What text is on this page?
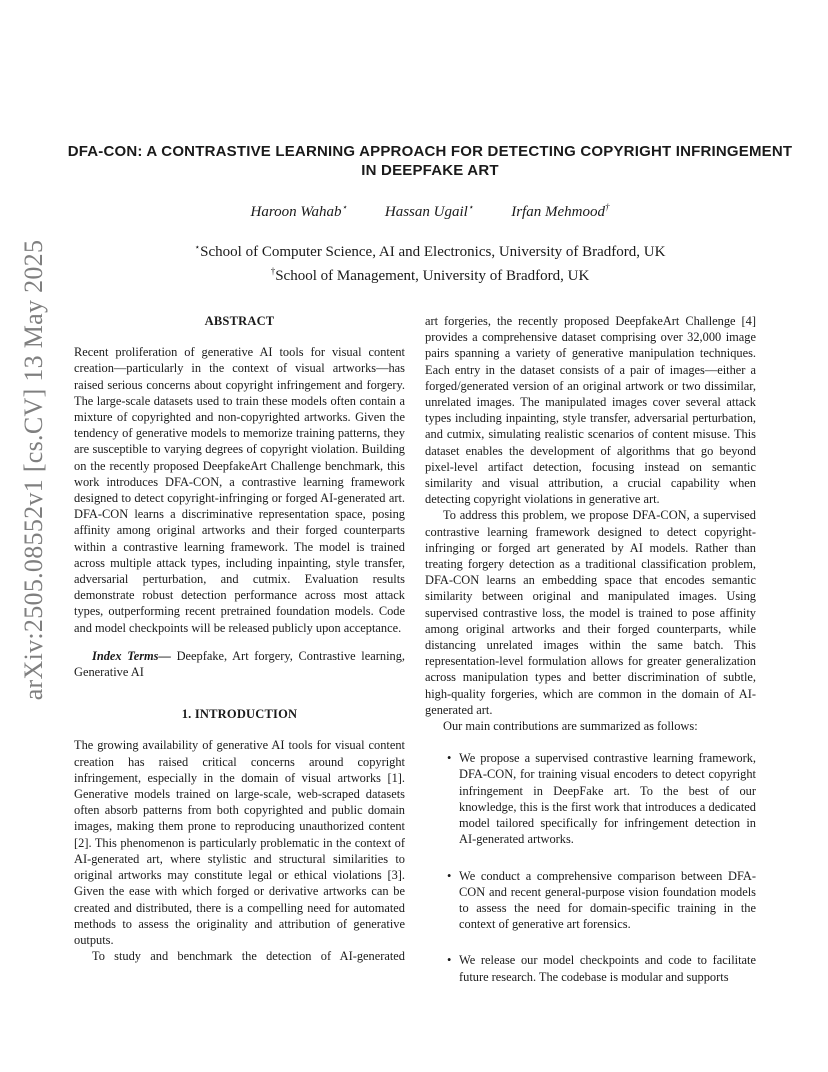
arXiv:2505.08552v1 [cs.CV] 13 May 2025
DFA-CON: A CONTRASTIVE LEARNING APPROACH FOR DETECTING COPYRIGHT INFRINGEMENT IN DEEPFAKE ART
Haroon Wahab⋆	Hassan Ugail⋆	Irfan Mehmood†
⋆School of Computer Science, AI and Electronics, University of Bradford, UK
†School of Management, University of Bradford, UK
ABSTRACT

Recent proliferation of generative AI tools for visual content creation—particularly in the context of visual artworks—has raised serious concerns about copyright infringement and forgery. The large-scale datasets used to train these models often contain a mixture of copyrighted and non-copyrighted artworks. Given the tendency of generative models to memorize training patterns, they are susceptible to varying degrees of copyright violation. Building on the recently proposed DeepfakeArt Challenge benchmark, this work introduces DFA-CON, a contrastive learning framework designed to detect copyright-infringing or forged AI-generated art. DFA-CON learns a discriminative representation space, posing affinity among original artworks and their forged counterparts within a contrastive learning framework. The model is trained across multiple attack types, including inpainting, style transfer, adversarial perturbation, and cutmix. Evaluation results demonstrate robust detection performance across most attack types, outperforming recent pretrained foundation models. Code and model checkpoints will be released publicly upon acceptance.

Index Terms— Deepfake, Art forgery, Contrastive learning, Generative AI

1. INTRODUCTION

The growing availability of generative AI tools for visual content creation has raised critical concerns around copyright infringement, especially in the domain of visual artworks [1]. Generative models trained on large-scale, web-scraped datasets often absorb patterns from both copyrighted and public domain images, making them prone to reproducing unauthorized content [2]. This phenomenon is particularly problematic in the context of AI-generated art, where stylistic and structural similarities to original artworks may constitute legal or ethical violations [3]. Given the ease with which forged or derivative artworks can be created and distributed, there is a compelling need for automated methods to assess the originality and attribution of generative outputs.

To study and benchmark the detection of AI-generated

art forgeries, the recently proposed DeepfakeArt Challenge [4] provides a comprehensive dataset comprising over 32,000 image pairs spanning a variety of generative manipulation techniques. Each entry in the dataset consists of a pair of images—either a forged/generated version of an original artwork or two dissimilar, unrelated images. The manipulated images cover several attack types including inpainting, style transfer, adversarial perturbation, and cutmix, simulating realistic scenarios of content misuse. This dataset enables the development of algorithms that go beyond pixel-level artifact detection, focusing instead on semantic similarity and visual attribution, a crucial capability when detecting copyright violations in generative art.

To address this problem, we propose DFA-CON, a supervised contrastive learning framework designed to detect copyright-infringing or forged art generated by AI models. Rather than treating forgery detection as a traditional classification problem, DFA-CON learns an embedding space that encodes semantic similarity between original and manipulated images. Using supervised contrastive loss, the model is trained to pose affinity among original artworks and their forged counterparts, while distancing unrelated images within the same batch. This representation-level formulation allows for greater generalization across manipulation types and better discrimination of subtle, high-quality forgeries, which are common in the domain of AI-generated art.

Our main contributions are summarized as follows:

• We propose a supervised contrastive learning framework, DFA-CON, for training visual encoders to detect copyright infringement in DeepFake art. To the best of our knowledge, this is the first work that introduces a dedicated model tailored specifically for infringement detection in AI-generated artworks.
• We conduct a comprehensive comparison between DFA-CON and recent general-purpose vision foundation models to assess the need for domain-specific training in the context of generative art forensics.
• We release our model checkpoints and code to facilitate future research. The codebase is modular and supports
